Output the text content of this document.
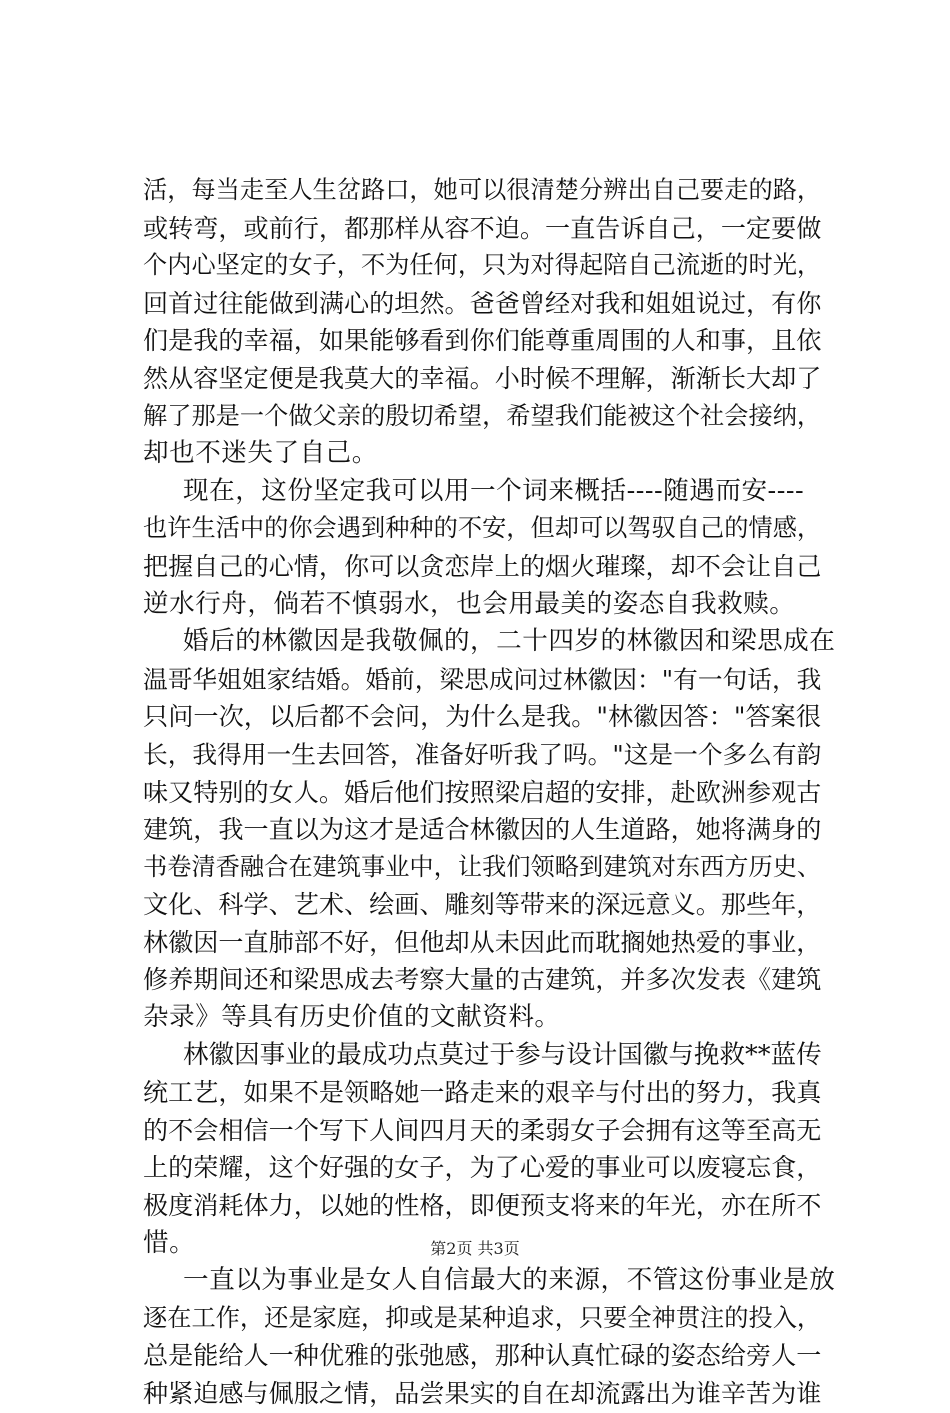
活，每当走至人生岔路口，她可以很清楚分辨出自己要走的路，
或转弯，或前行，都那样从容不迫。一直告诉自己，一定要做
个内心坚定的女子，不为任何，只为对得起陪自己流逝的时光，
回首过往能做到满心的坦然。爸爸曾经对我和姐姐说过，有你
们是我的幸福，如果能够看到你们能尊重周围的人和事，且依
然从容坚定便是我莫大的幸福。小时候不理解，渐渐长大却了
解了那是一个做父亲的殷切希望，希望我们能被这个社会接纳，
却也不迷失了自己。
现在，这份坚定我可以用一个词来概括----随遇而安----
也许生活中的你会遇到种种的不安，但却可以驾驭自己的情感，
把握自己的心情，你可以贪恋岸上的烟火璀璨，却不会让自己
逆水行舟，倘若不慎弱水，也会用最美的姿态自我救赎。
婚后的林徽因是我敬佩的，二十四岁的林徽因和梁思成在
温哥华姐姐家结婚。婚前，梁思成问过林徽因："有一句话，我
只问一次，以后都不会问，为什么是我。"林徽因答："答案很
长，我得用一生去回答，准备好听我了吗。"这是一个多么有韵
味又特别的女人。婚后他们按照梁启超的安排，赴欧洲参观古
建筑，我一直以为这才是适合林徽因的人生道路，她将满身的
书卷清香融合在建筑事业中，让我们领略到建筑对东西方历史、
文化、科学、艺术、绘画、雕刻等带来的深远意义。那些年，
林徽因一直肺部不好，但他却从未因此而耽搁她热爱的事业，
修养期间还和梁思成去考察大量的古建筑，并多次发表《建筑
杂录》等具有历史价值的文献资料。
林徽因事业的最成功点莫过于参与设计国徽与挽救**蓝传
统工艺，如果不是领略她一路走来的艰辛与付出的努力，我真
的不会相信一个写下人间四月天的柔弱女子会拥有这等至高无
上的荣耀，这个好强的女子，为了心爱的事业可以废寝忘食，
极度消耗体力，以她的性格，即便预支将来的年光，亦在所不
惜。
一直以为事业是女人自信最大的来源，不管这份事业是放
逐在工作，还是家庭，抑或是某种追求，只要全神贯注的投入，
总是能给人一种优雅的张弛感，那种认真忙碌的姿态给旁人一
种紧迫感与佩服之情，品尝果实的自在却流露出为谁辛苦为谁
第2页 共3页
